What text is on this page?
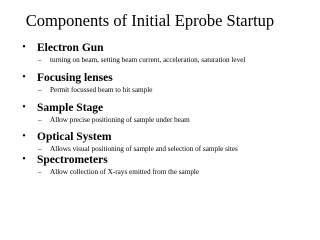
Components of Initial Eprobe Startup
• Electron Gun
– turning on beam, setting beam current, acceleration, saturation level
• Focusing lenses
– Permit focussed beam to hit sample
• Sample Stage
– Allow precise positioning of sample under beam
• Optical System
– Allows visual positioning of sample and selection of sample sites
• Spectrometers
– Allow collection of X-rays emitted from the sample
